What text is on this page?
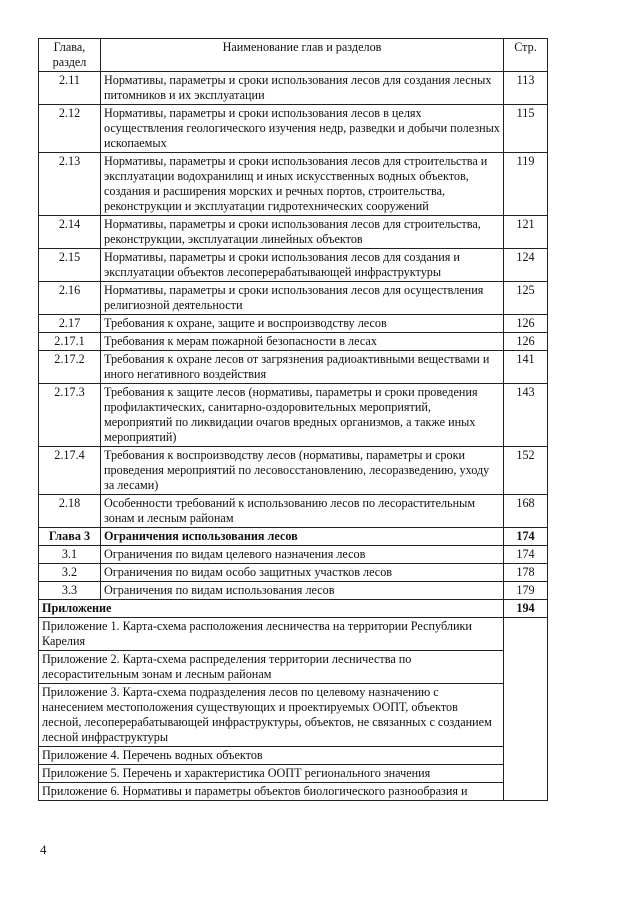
Глава, раздел	Наименование глав и разделов	Стр.
2.11	Нормативы, параметры и сроки использования лесов для создания лесных питомников и их эксплуатации	113
2.12	Нормативы, параметры и сроки использования лесов в целях осуществления геологического изучения недр, разведки и добычи полезных ископаемых	115
2.13	Нормативы, параметры и сроки использования лесов для строительства и эксплуатации водохранилищ и иных искусственных водных объектов, создания и расширения морских и речных портов, строительства, реконструкции и эксплуатации гидротехнических сооружений	119
2.14	Нормативы, параметры и сроки использования лесов для строительства, реконструкции, эксплуатации линейных объектов	121
2.15	Нормативы, параметры и сроки использования лесов для создания и эксплуатации объектов лесоперерабатывающей инфраструктуры	124
2.16	Нормативы, параметры и сроки использования лесов для осуществления религиозной деятельности	125
2.17	Требования к охране, защите и воспроизводству лесов	126
2.17.1	Требования к мерам пожарной безопасности в лесах	126
2.17.2	Требования к охране лесов от загрязнения радиоактивными веществами и иного негативного воздействия	141
2.17.3	Требования к защите лесов (нормативы, параметры и сроки проведения профилактических, санитарно-оздоровительных мероприятий, мероприятий по ликвидации очагов вредных организмов, а также иных мероприятий)	143
2.17.4	Требования к воспроизводству лесов (нормативы, параметры и сроки проведения мероприятий по лесовосстановлению, лесоразведению, уходу за лесами)	152
2.18	Особенности требований к использованию лесов по лесорастительным зонам и лесным районам	168
Глава 3	Ограничения использования лесов	174
3.1	Ограничения по видам целевого назначения лесов	174
3.2	Ограничения по видам особо защитных участков лесов	178
3.3	Ограничения по видам использования лесов	179
Приложение		194
Приложение 1. Карта-схема расположения лесничества на территории Республики Карелия		
Приложение 2. Карта-схема распределения территории лесничества по лесорастительным зонам и лесным районам		
Приложение 3. Карта-схема подразделения лесов по целевому назначению с нанесением местоположения существующих и проектируемых ООПТ, объектов лесной, лесоперерабатывающей инфраструктуры, объектов, не связанных с созданием лесной инфраструктуры		
Приложение 4. Перечень водных объектов		
Приложение 5. Перечень и характеристика ООПТ регионального значения		
Приложение 6. Нормативы и параметры объектов биологического разнообразия и		
4
